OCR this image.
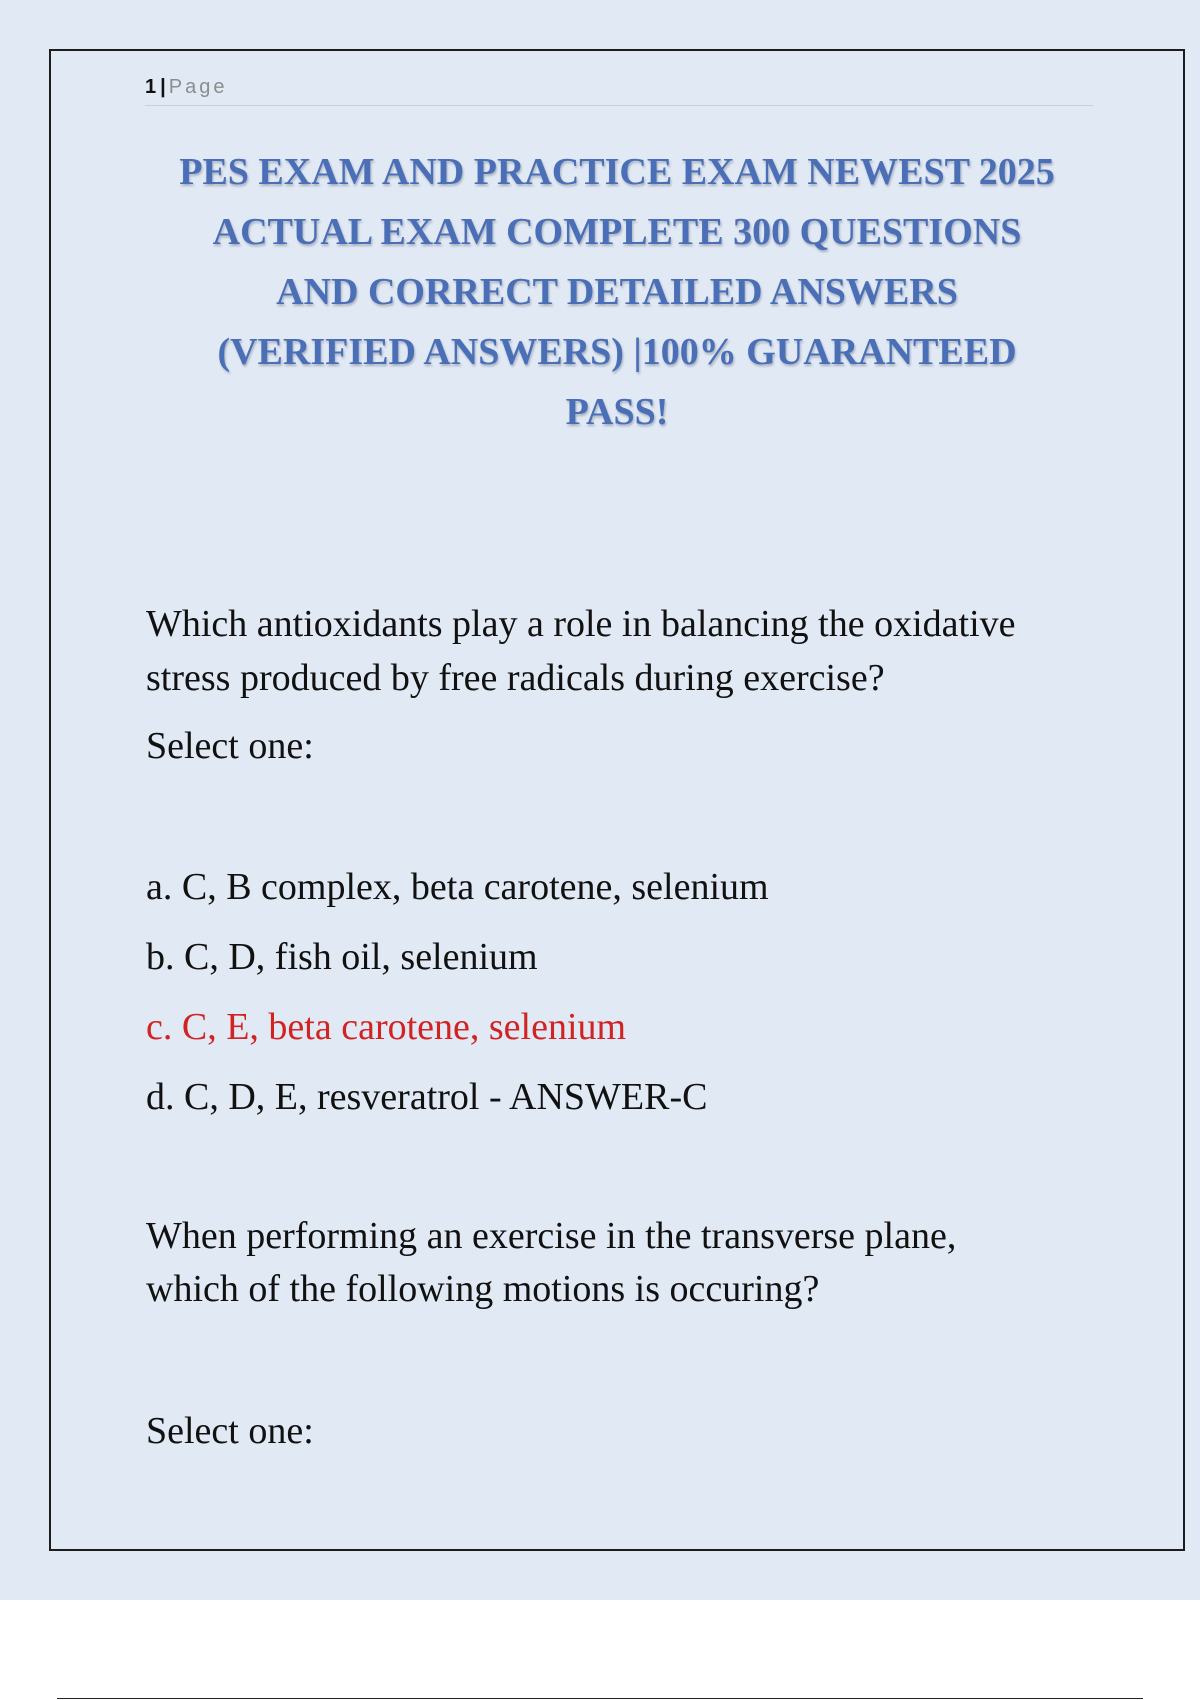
1 | Page
PES EXAM AND PRACTICE EXAM NEWEST 2025
ACTUAL EXAM COMPLETE 300 QUESTIONS
AND CORRECT DETAILED ANSWERS
(VERIFIED ANSWERS) |100% GUARANTEED
PASS!
Which antioxidants play a role in balancing the oxidative
stress produced by free radicals during exercise?
Select one:
a. C, B complex, beta carotene, selenium
b. C, D, fish oil, selenium
c. C, E, beta carotene, selenium
d. C, D, E, resveratrol - ANSWER-C
When performing an exercise in the transverse plane,
which of the following motions is occuring?
Select one:
